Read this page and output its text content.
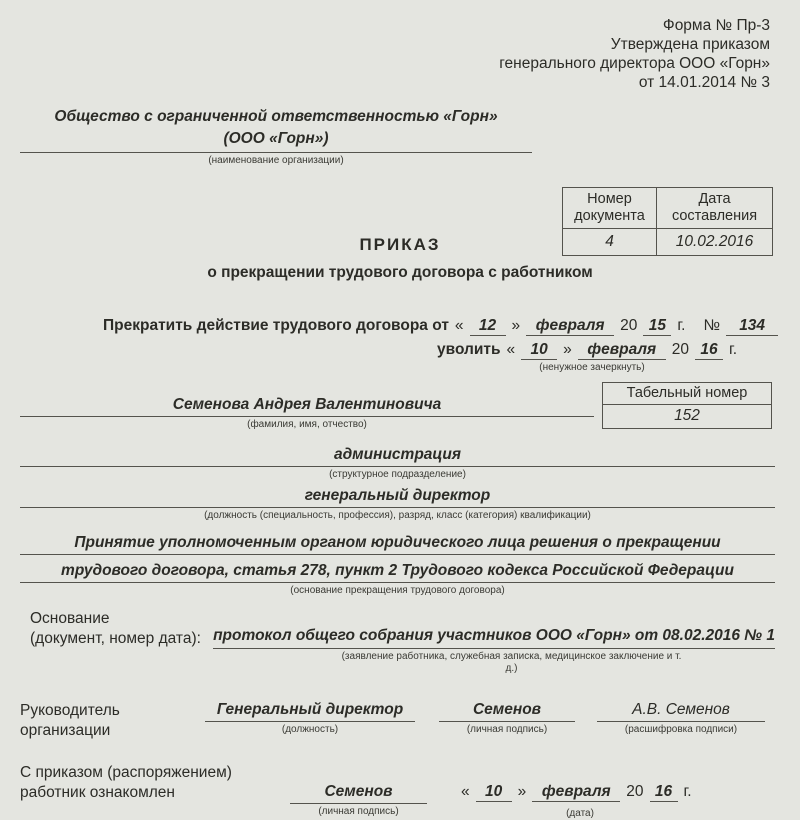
Форма № Пр-3
Утверждена приказом
генерального директора ООО «Горн»
от 14.01.2014 № 3
Общество с ограниченной ответственностью «Горн»
(ООО «Горн»)
(наименование организации)
ПРИКАЗ
Номер документа	Дата составления
4	10.02.2016
о прекращении трудового договора с работником
Прекратить действие трудового договора от « 12 »	февраля	20 15 г. №	134
уволить « 10 »	февраля	20 16 г.
(ненужное зачеркнуть)
Табельный номер
152
Семенова Андрея Валентиновича
(фамилия, имя, отчество)
администрация
(структурное подразделение)
генеральный директор
(должность (специальность, профессия), разряд, класс (категория) квалификации)
Принятие уполномоченным органом юридического лица решения о прекращении
трудового договора, статья 278, пункт 2 Трудового кодекса Российской Федерации
(основание прекращения трудового договора)
Основание
(документ, номер дата): протокол общего собрания участников ООО «Горн» от 08.02.2016 № 1
(заявление работника, служебная записка, медицинское заключение и т. д.)
Руководитель
организации
Генеральный директор
(должность)
Семенов
(личная подпись)
А.В. Семенов
(расшифровка подписи)
С приказом (распоряжением)
работник ознакомлен	Семенов
(личная подпись)
« 10 »	февраля	20 16 г.
(дата)
